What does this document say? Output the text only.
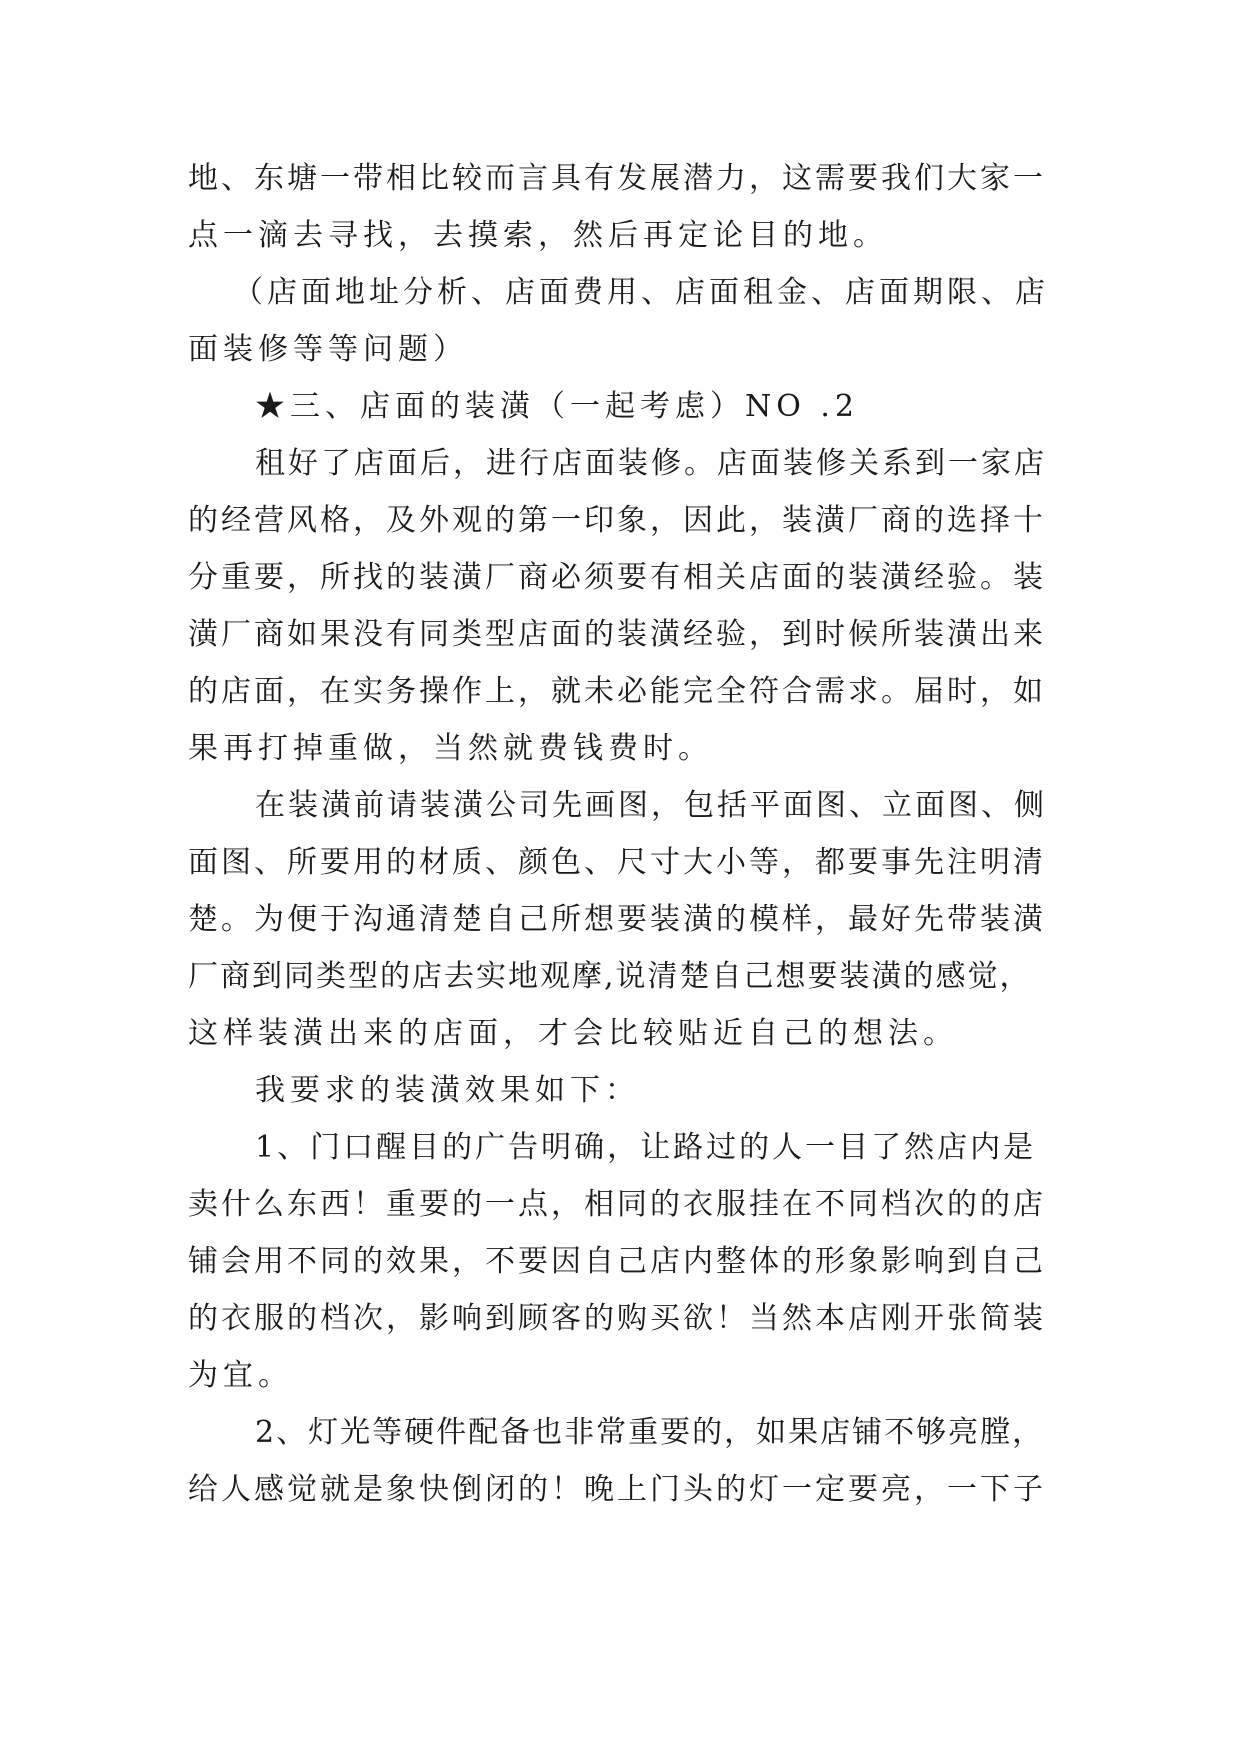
地、东塘一带相比较而言具有发展潜力，这需要我们大家一
点一滴去寻找，去摸索，然后再定论目的地。
（店面地址分析、店面费用、店面租金、店面期限、店
面装修等等问题）
★三、店面的装潢（一起考虑）NO .2
租好了店面后，进行店面装修。店面装修关系到一家店
的经营风格，及外观的第一印象，因此，装潢厂商的选择十
分重要，所找的装潢厂商必须要有相关店面的装潢经验。装
潢厂商如果没有同类型店面的装潢经验，到时候所装潢出来
的店面，在实务操作上，就未必能完全符合需求。届时，如
果再打掉重做，当然就费钱费时。
在装潢前请装潢公司先画图，包括平面图、立面图、侧
面图、所要用的材质、颜色、尺寸大小等，都要事先注明清
楚。为便于沟通清楚自己所想要装潢的模样，最好先带装潢
厂商到同类型的店去实地观摩,说清楚自己想要装潢的感觉，
这样装潢出来的店面，才会比较贴近自己的想法。
我要求的装潢效果如下：
1、门口醒目的广告明确，让路过的人一目了然店内是
卖什么东西！重要的一点，相同的衣服挂在不同档次的的店
铺会用不同的效果，不要因自己店内整体的形象影响到自己
的衣服的档次，影响到顾客的购买欲！当然本店刚开张简装
为宜。
2、灯光等硬件配备也非常重要的，如果店铺不够亮膛，
给人感觉就是象快倒闭的！晚上门头的灯一定要亮，一下子
